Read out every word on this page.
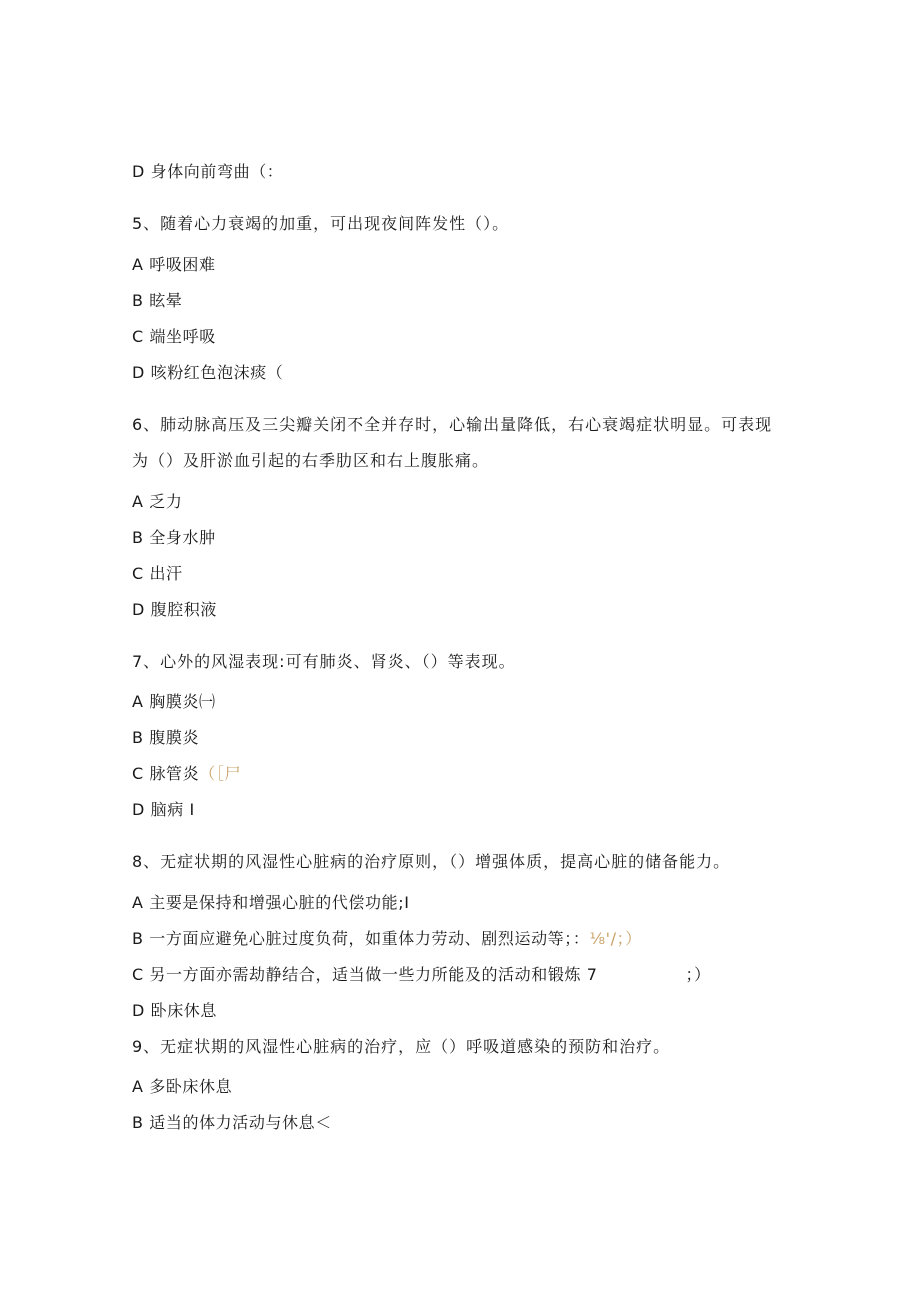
D 身体向前弯曲（：
5、随着心力衰竭的加重，可出现夜间阵发性（）。
A 呼吸困难
B 眩晕
C 端坐呼吸
D 咳粉红色泡沫痰（
6、肺动脉高压及三尖瓣关闭不全并存时，心输出量降低，右心衰竭症状明显。可表现
为（）及肝淤血引起的右季肋区和右上腹胀痛。
A 乏力
B 全身水肿
C 出汗
D 腹腔积液
7、心外的风湿表现:可有肺炎、肾炎、（）等表现。
A 胸膜炎㈠
B 腹膜炎
C 脉管炎（［尸
D 脑病 I
8、无症状期的风湿性心脏病的治疗原则，（）增强体质，提高心脏的储备能力。
A 主要是保持和增强心脏的代偿功能;I
B 一方面应避免心脏过度负荷，如重体力劳动、剧烈运动等；：⅛'/；）
C 另一方面亦需劫静结合，适当做一些力所能及的活动和锻炼 7	；）
D 卧床休息
9、无症状期的风湿性心脏病的治疗，应（）呼吸道感染的预防和治疗。
A 多卧床休息
B 适当的体力活动与休息＜
